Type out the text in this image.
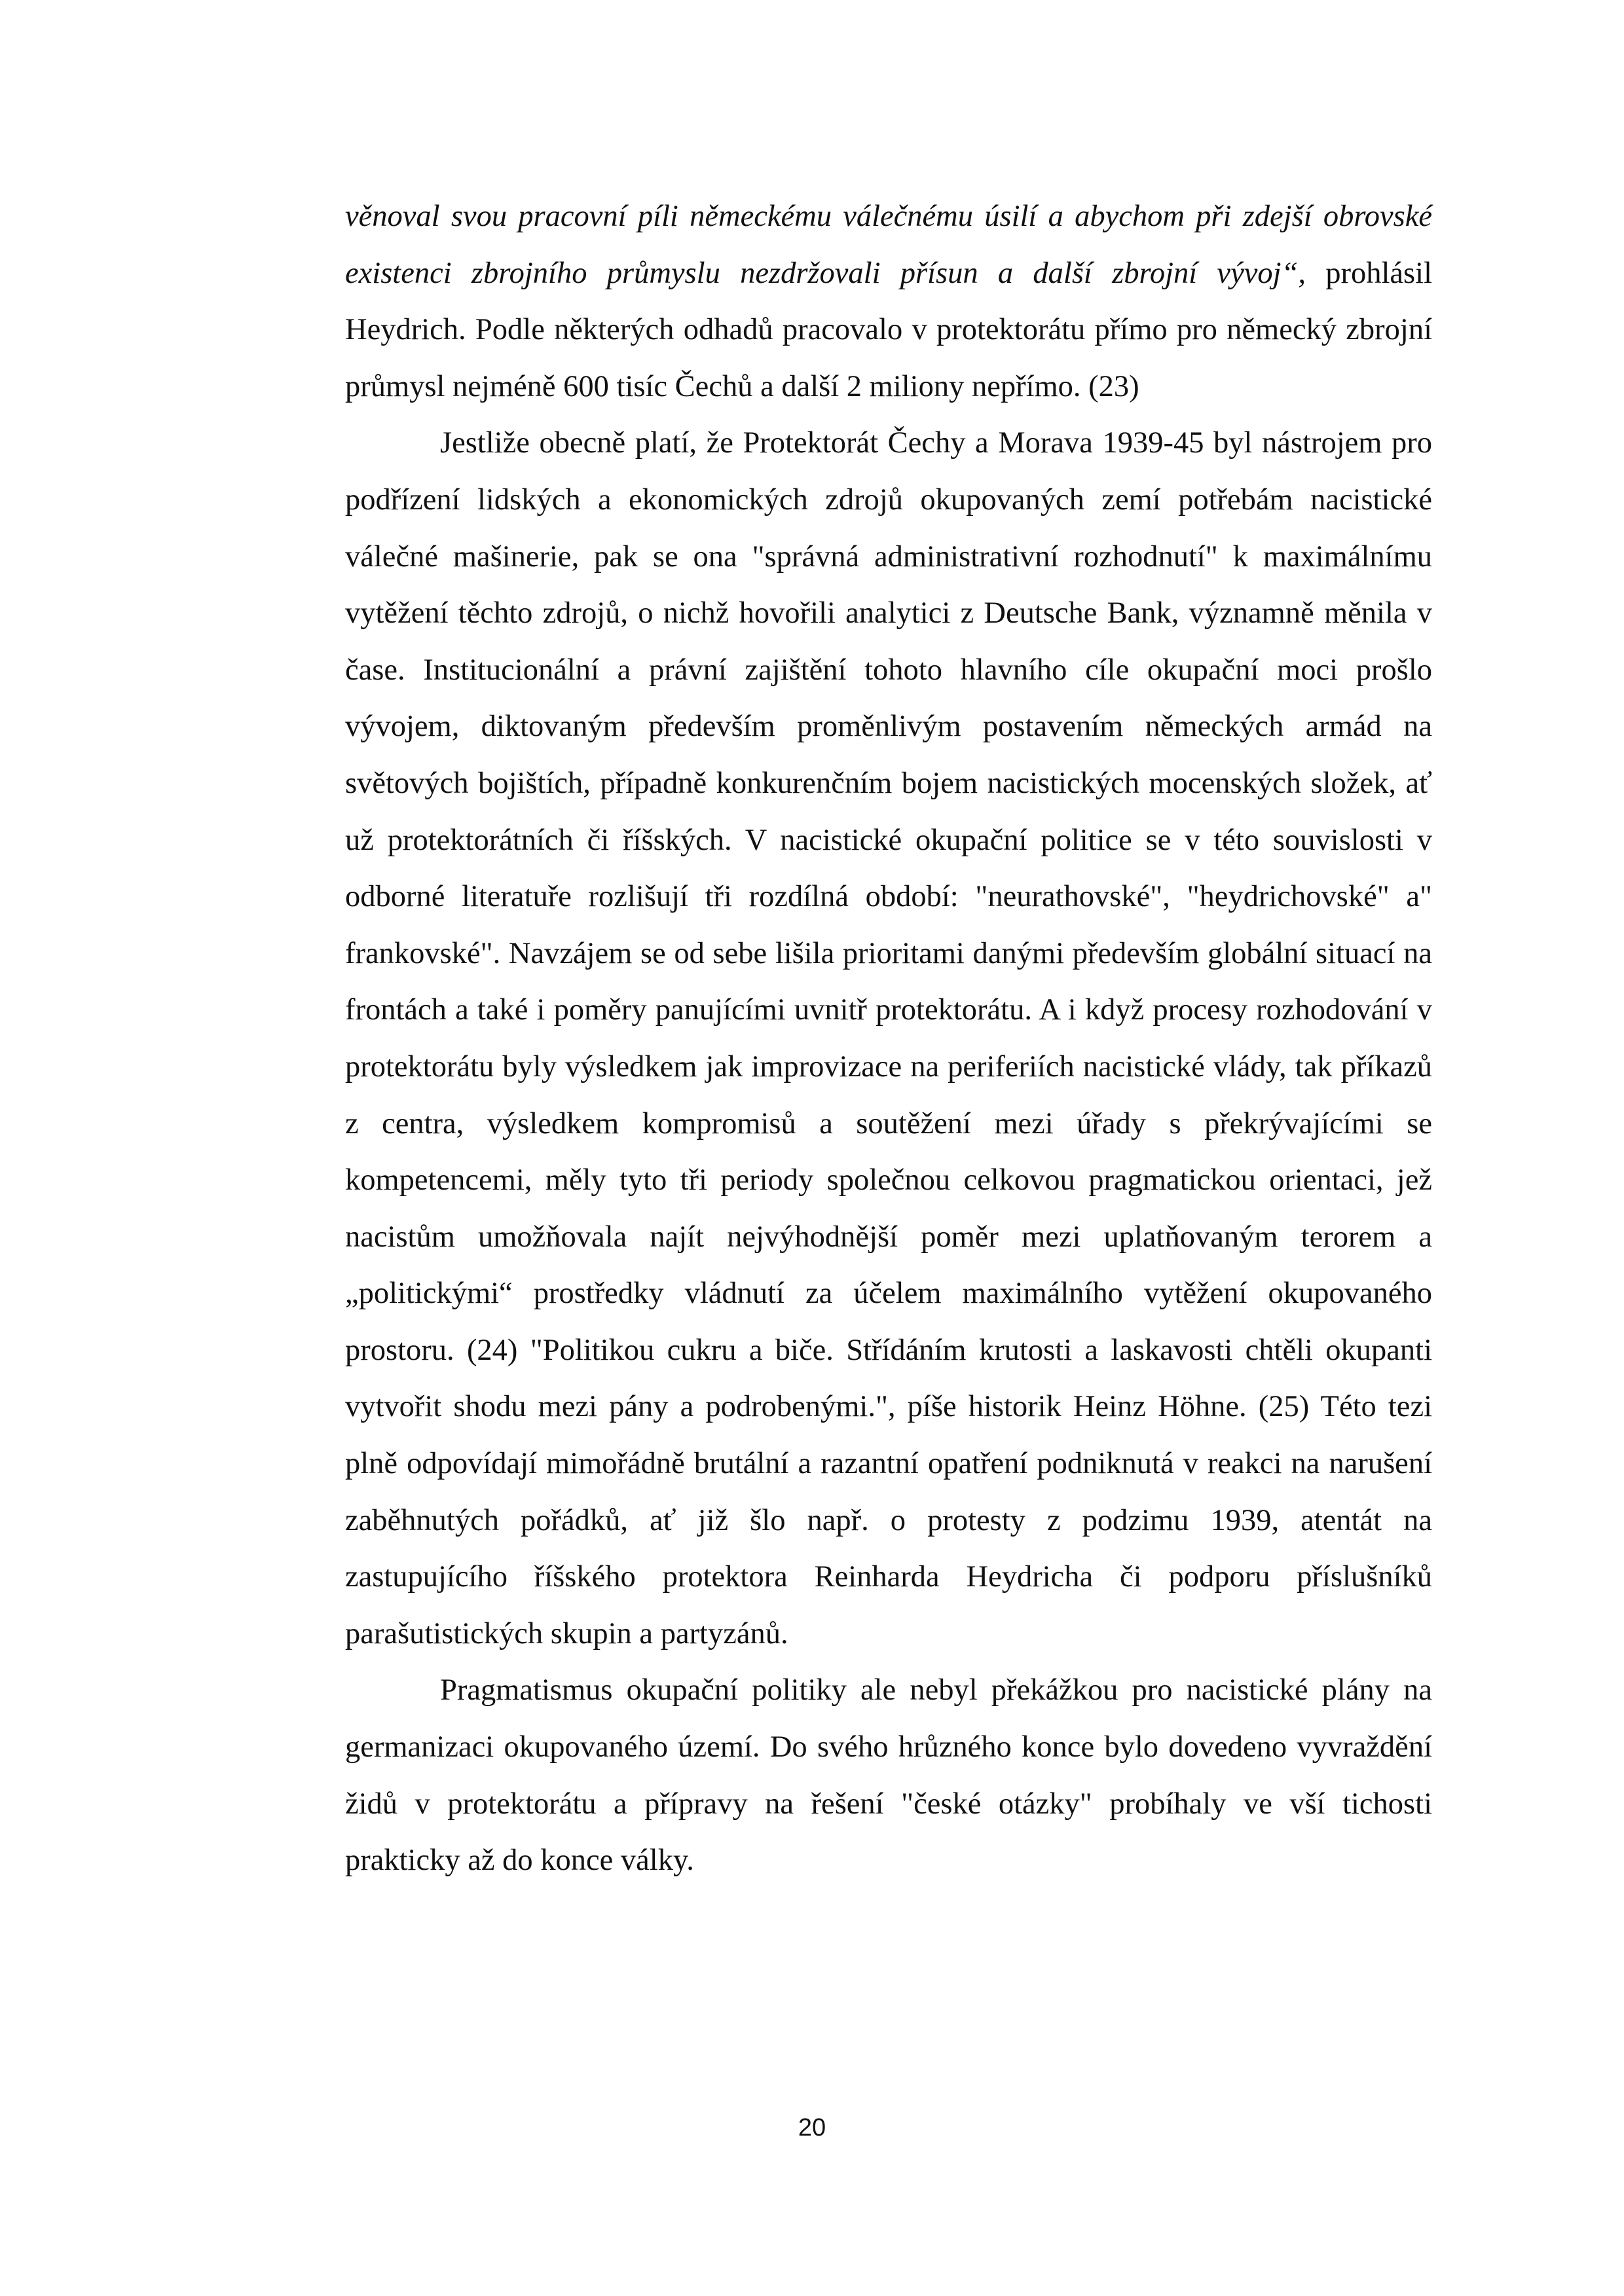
věnoval svou pracovní píli německému válečnému úsilí a abychom při zdejší obrovské existenci zbrojního průmyslu nezdržovali přísun a další zbrojní vývoj“, prohlásil Heydrich. Podle některých odhadů pracovalo v protektorátu přímo pro německý zbrojní průmysl nejméně 600 tisíc Čechů a další 2 miliony nepřímo. (23)

Jestliže obecně platí, že Protektorát Čechy a Morava 1939-45 byl nástrojem pro podřízení lidských a ekonomických zdrojů okupovaných zemí potřebám nacistické válečné mašinerie, pak se ona "správná administrativní rozhodnutí" k maximálnímu vytěžení těchto zdrojů, o nichž hovořili analytici z Deutsche Bank, významně měnila v čase. Institucionální a právní zajištění tohoto hlavního cíle okupační moci prošlo vývojem, diktovaným především proměnlivým postavením německých armád na světových bojištích, případně konkurenčním bojem nacistických mocenských složek, ať už protektorátních či říšských. V nacistické okupační politice se v této souvislosti v odborné literatuře rozlišují tři rozdílná období: "neurathovské", "heydrichovské" a" frankovské". Navzájem se od sebe lišila prioritami danými především globální situací na frontách a také i poměry panujícími uvnitř protektorátu. A i když procesy rozhodování v protektorátu byly výsledkem jak improvizace na periferiích nacistické vlády, tak příkazů z centra, výsledkem kompromisů a soutěžení mezi úřady s překrývajícími se kompetencemi, měly tyto tři periody společnou celkovou pragmatickou orientaci, jež nacistům umožňovala najít nejvýhodnější poměr mezi uplatňovaným terorem a „politickými“ prostředky vládnutí za účelem maximálního vytěžení okupovaného prostoru. (24) "Politikou cukru a biče. Střídáním krutosti a laskavosti chtěli okupanti vytvořit shodu mezi pány a podrobenými.", píše historik Heinz Höhne. (25) Této tezi plně odpovídají mimořádně brutální a razantní opatření podniknutá v reakci na narušení zaběhnutých pořádků, ať již šlo např. o protesty z podzimu 1939, atentát na zastupujícího říšského protektora Reinharda Heydricha či podporu příslušníků parašutistických skupin a partyzánů.

Pragmatismus okupační politiky ale nebyl překážkou pro nacistické plány na germanizaci okupovaného území. Do svého hrůzného konce bylo dovedeno vyvraždění židů v protektorátu a přípravy na řešení "české otázky" probíhaly ve vší tichosti prakticky až do konce války.

20
